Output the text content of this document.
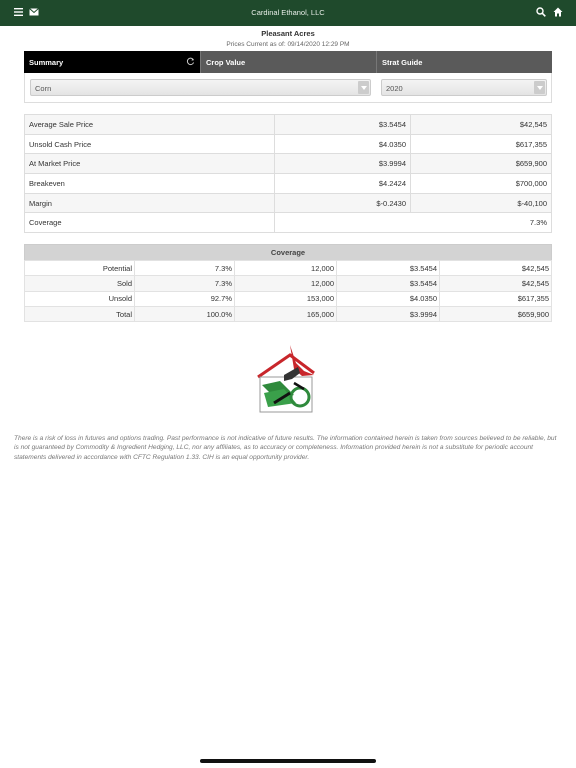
Cardinal Ethanol, LLC
Pleasant Acres
Prices Current as of: 09/14/2020 12:29 PM
Summary	Crop Value	Strat Guide
Corn	2020
Average Sale Price	$3.5454	$42,545
Unsold Cash Price	$4.0350	$617,355
At Market Price	$3.9994	$659,900
Breakeven	$4.2424	$700,000
Margin	$-0.2430	$-40,100
Coverage	7.3%	
Coverage				
Potential	7.3%	12,000	$3.5454	$42,545
Sold	7.3%	12,000	$3.5454	$42,545
Unsold	92.7%	153,000	$4.0350	$617,355
Total	100.0%	165,000	$3.9994	$659,900
There is a risk of loss in futures and options trading. Past performance is not indicative of future results. The information contained herein is taken from sources believed to be reliable, but is not guaranteed by Commodity & Ingredient Hedging, LLC, nor any affiliates, as to accuracy or completeness. Information provided herein is not a substitute for periodic account statements delivered in accordance with CFTC Regulation 1.33. CIH is an equal opportunity provider.
